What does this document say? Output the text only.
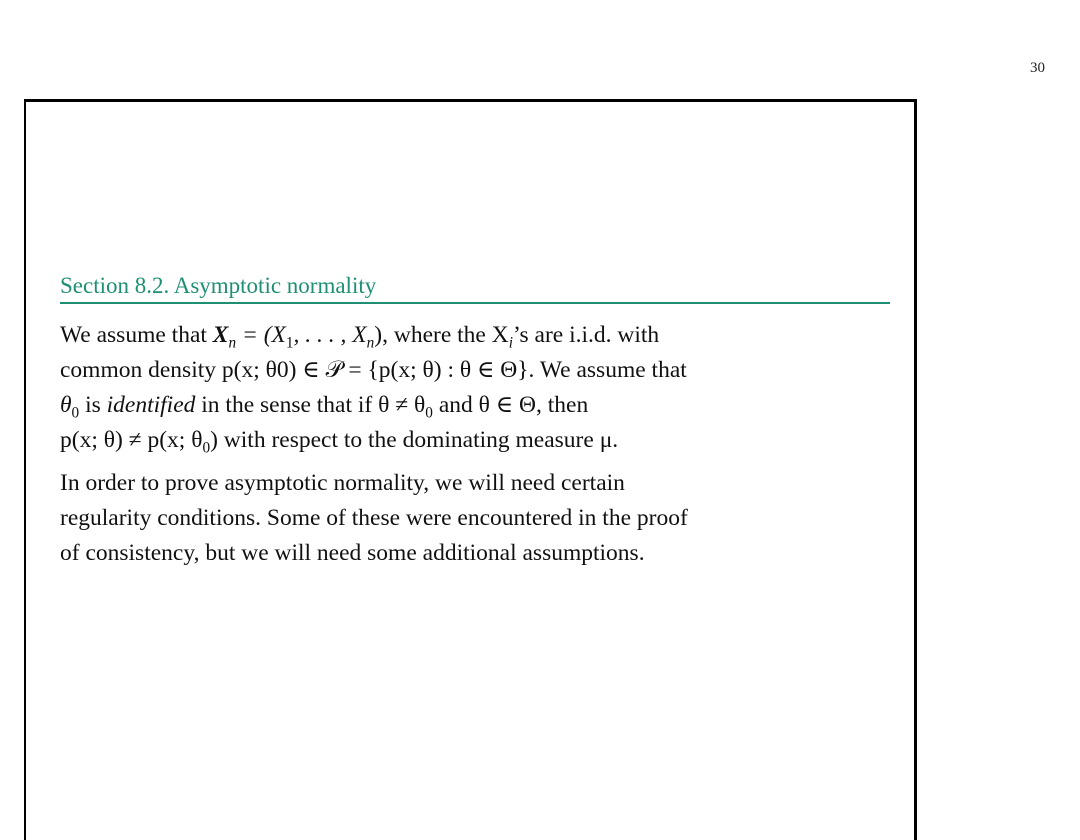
30
Section 8.2. Asymptotic normality
We assume that $X_n = (X_1$, . . . , $X_n$), where the $X_i’s$ are i.i.d. with
common density p(x; θ0) ∈ 𝒫 = {p(x; θ) : θ ∈ Θ}. We assume that
$\theta_0$ is identified in the sense that if $\theta \ne \theta_0$ and θ ∈ Θ, then
p(x; θ) ≠ p(x; $\theta_0$) with respect to the dominating measure μ.
In order to prove asymptotic normality, we will need certain
regularity conditions. Some of these were encountered in the proof
of consistency, but we will need some additional assumptions.
